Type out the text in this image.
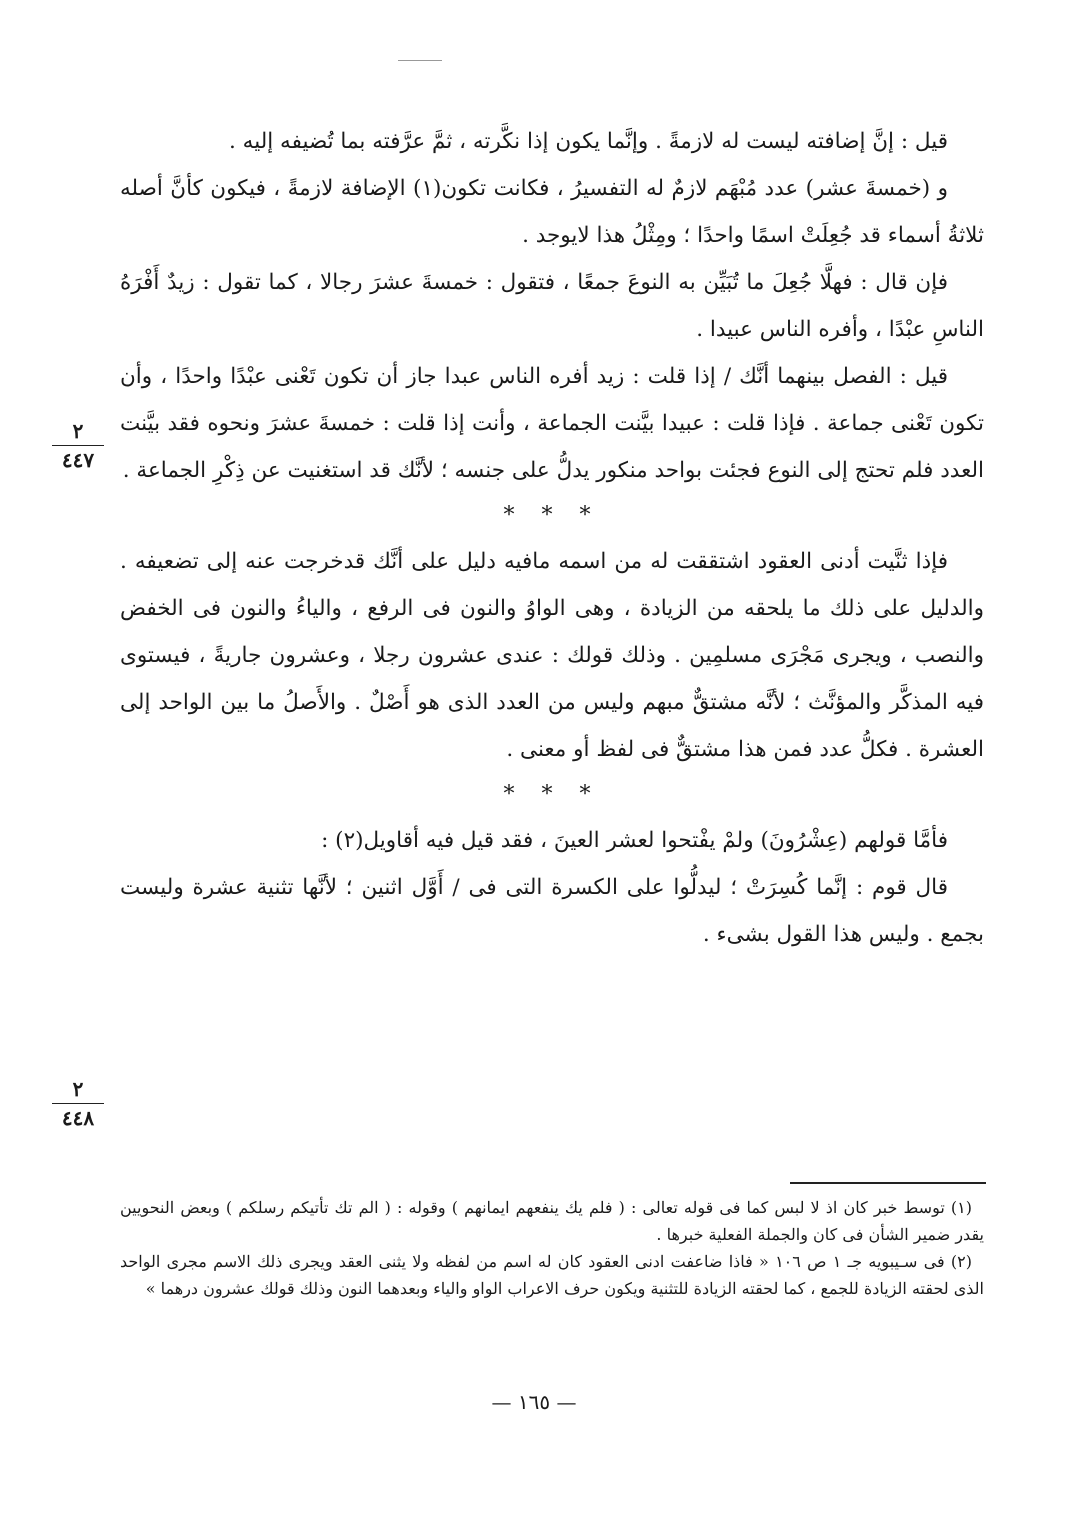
قيل : إنَّ إضافته ليست له لازمةً . وإنَّما يكون إذا نكَّرته ، ثمَّ عرَّفته بما تُضيفه إليه .

و (خمسةَ عشر) عدد مُبْهَم لازمٌ له التفسيرُ ، فكانت تكون(١) الإضافة لازمةً ، فيكون كأنَّ أصله ثلاثةُ أسماء قد جُعِلَتْ اسمًا واحدًا ؛ ومِثْلُ هذا لايوجد .

فإن قال : فهلَّا جُعِلَ ما تُبَيِّن به النوعَ جمعًا ، فتقول : خمسةَ عشرَ رجالا ، كما تقول : زيدٌ أَفْرَهُ الناسِ عبْدًا ، وأفره الناس عبيدا .

قيل : الفصل بينهما أنَّك / إذا قلت : زيد أفره الناس عبدا جاز أن تكون تَعْنى عبْدًا واحدًا ، وأن تكون تَعْنى جماعة . فإذا قلت : عبيدا بيَّنت الجماعة ، وأنت إذا قلت : خمسةَ عشرَ ونحوه فقد بيَّنت العدد فلم تحتج إلى النوع فجئت بواحد منكور يدلُّ على جنسه ؛ لأنَّك قد استغنيت عن ذِكْرِ الجماعة .

* * *

فإذا ثنَّيت أدنى العقود اشتققت له من اسمه مافيه دليل على أنَّك قدخرجت عنه إلى تضعيفه . والدليل على ذلك ما يلحقه من الزيادة ، وهى الواوُ والنون فى الرفع ، والياءُ والنون فى الخفض والنصب ، ويجرى مَجْرَى مسلمِين . وذلك قولك : عندى عشرون رجلا ، وعشرون جاريةً ، فيستوى فيه المذكَّر والمؤنَّث ؛ لأنَّه مشتقٌّ مبهم وليس من العدد الذى هو أَصْلٌ . والأَصلُ ما بين الواحد إلى العشرة . فكلُّ عدد فمن هذا مشتقٌّ فى لفظ أو معنى .

* * *

فأمَّا قولهم (عِشْرُونَ) ولمْ يفْتحوا لعشر العينَ ، فقد قيل فيه أقاويل(٢) :

قال قوم : إنَّما كُسِرَتْ ؛ ليدلُّوا على الكسرة التى فى / أَوَّل اثنين ؛ لأنَّها تثنية عشرة وليست بجمع . وليس هذا القول بشىء .

٢
٤٤٧
٢
٤٤٨

(١) توسط خبر كان اذ لا لبس كما فى قوله تعالى : ( فلم يك ينفعهم ايمانهم ) وقوله : ( الم تك تأتيكم رسلكم ) وبعض النحويين يقدر ضمير الشأن فى كان والجملة الفعلية خبرها .

(٢) فى سـيبويه جـ ١ ص ١٠٦ « فاذا ضاعفت ادنى العقود كان له اسم من لفظه ولا يثنى العقد ويجرى ذلك الاسم مجرى الواحد الذى لحقته الزيادة للجمع ، كما لحقته الزيادة للتثنية ويكون حرف الاعراب الواو والياء وبعدهما النون وذلك قولك عشرون درهما »

— ١٦٥ —
